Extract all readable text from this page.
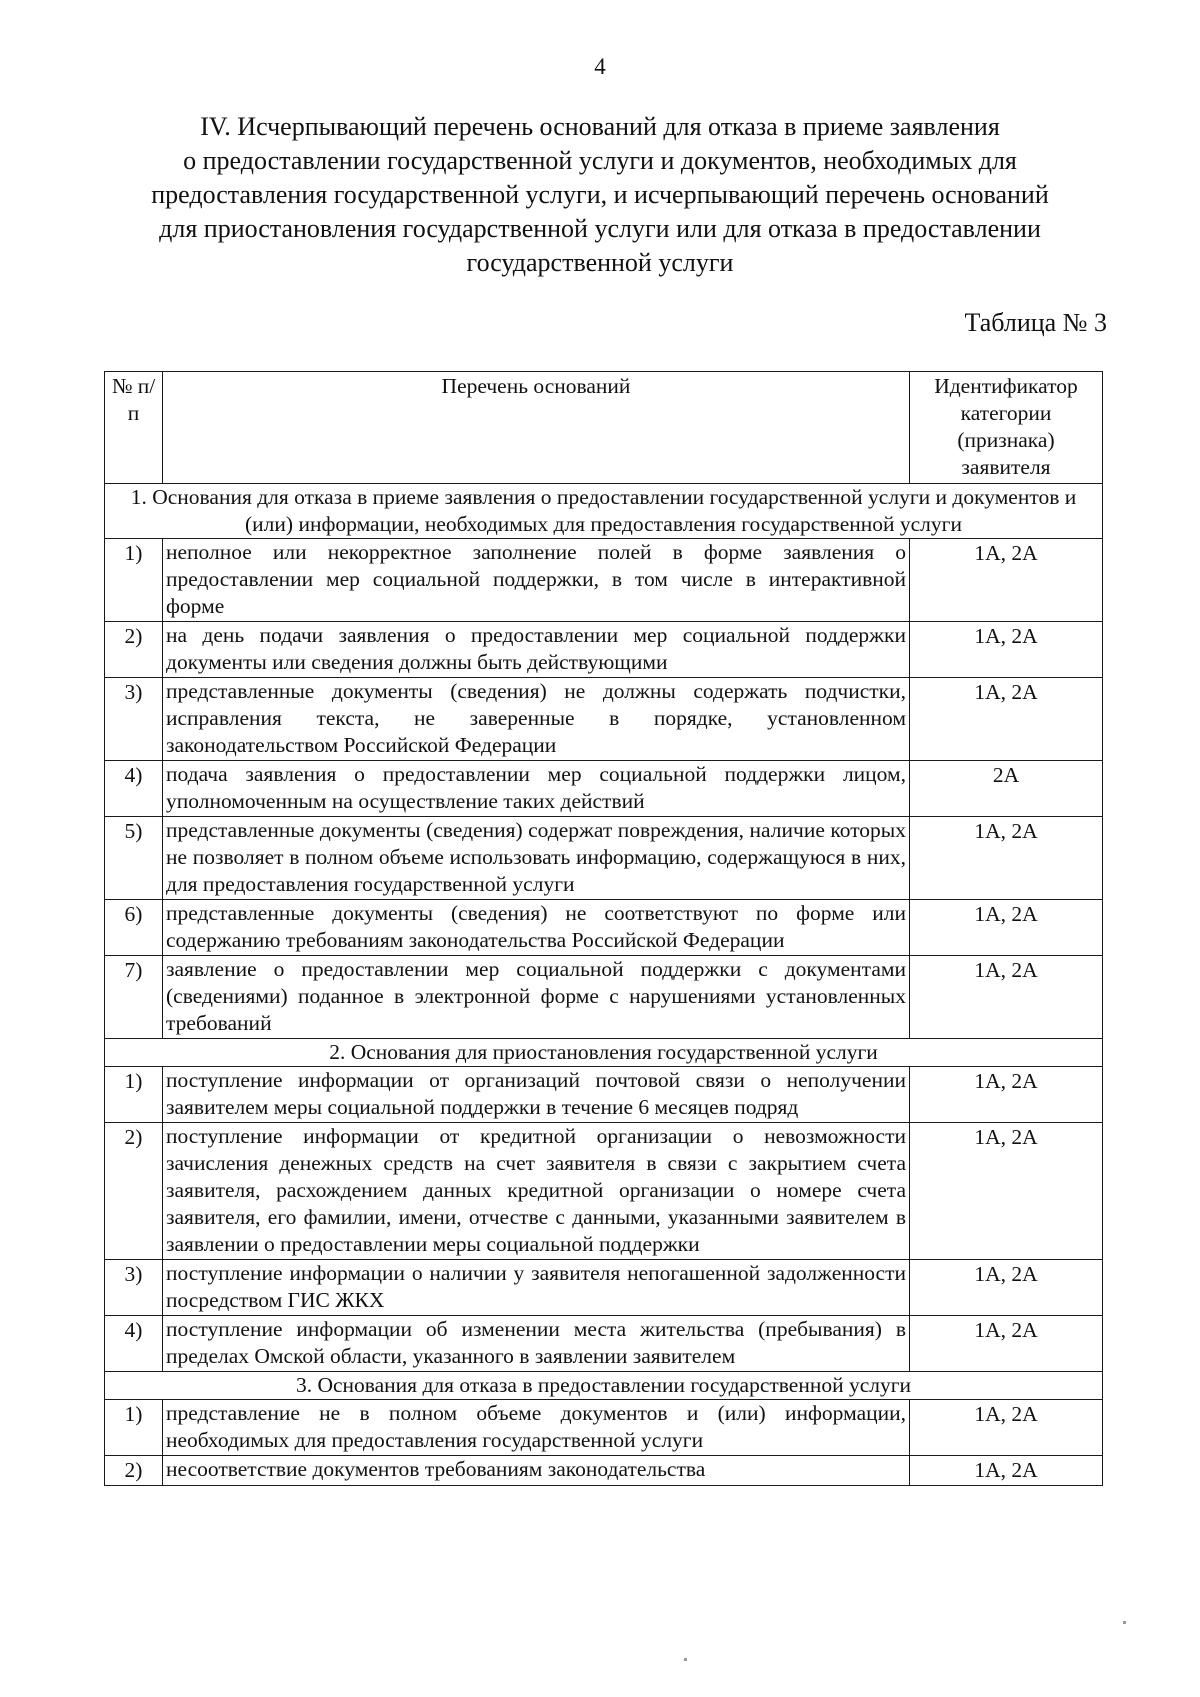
4
IV. Исчерпывающий перечень оснований для отказа в приеме заявления
о предоставлении государственной услуги и документов, необходимых для
предоставления государственной услуги, и исчерпывающий перечень оснований
для приостановления государственной услуги или для отказа в предоставлении
государственной услуги
Таблица № 3
№ п/п	Перечень оснований	Идентификатор категории (признака) заявителя
1. Основания для отказа в приеме заявления о предоставлении государственной услуги и документов и (или) информации, необходимых для предоставления государственной услуги		
1)	неполное или некорректное заполнение полей в форме заявления о предоставлении мер социальной поддержки, в том числе в интерактивной форме	1А, 2А
2)	на день подачи заявления о предоставлении мер социальной поддержки документы или сведения должны быть действующими	1А, 2А
3)	представленные документы (сведения) не должны содержать подчистки, исправления текста, не заверенные в порядке, установленном законодательством Российской Федерации	1А, 2А
4)	подача заявления о предоставлении мер социальной поддержки лицом, уполномоченным на осуществление таких действий	2А
5)	представленные документы (сведения) содержат повреждения, наличие которых не позволяет в полном объеме использовать информацию, содержащуюся в них, для предоставления государственной услуги	1А, 2А
6)	представленные документы (сведения) не соответствуют по форме или содержанию требованиям законодательства Российской Федерации	1А, 2А
7)	заявление о предоставлении мер социальной поддержки с документами (сведениями) поданное в электронной форме с нарушениями установленных требований	1А, 2А
2. Основания для приостановления государственной услуги		
1)	поступление информации от организаций почтовой связи о неполучении заявителем меры социальной поддержки в течение 6 месяцев подряд	1А, 2А
2)	поступление информации от кредитной организации о невозможности зачисления денежных средств на счет заявителя в связи с закрытием счета заявителя, расхождением данных кредитной организации о номере счета заявителя, его фамилии, имени, отчестве с данными, указанными заявителем в заявлении о предоставлении меры социальной поддержки	1А, 2А
3)	поступление информации о наличии у заявителя непогашенной задолженности посредством ГИС ЖКХ	1А, 2А
4)	поступление информации об изменении места жительства (пребывания) в пределах Омской области, указанного в заявлении заявителем	1А, 2А
3. Основания для отказа в предоставлении государственной услуги		
1)	представление не в полном объеме документов и (или) информации, необходимых для предоставления государственной услуги	1А, 2А
2)	несоответствие документов требованиям законодательства	1А, 2А
